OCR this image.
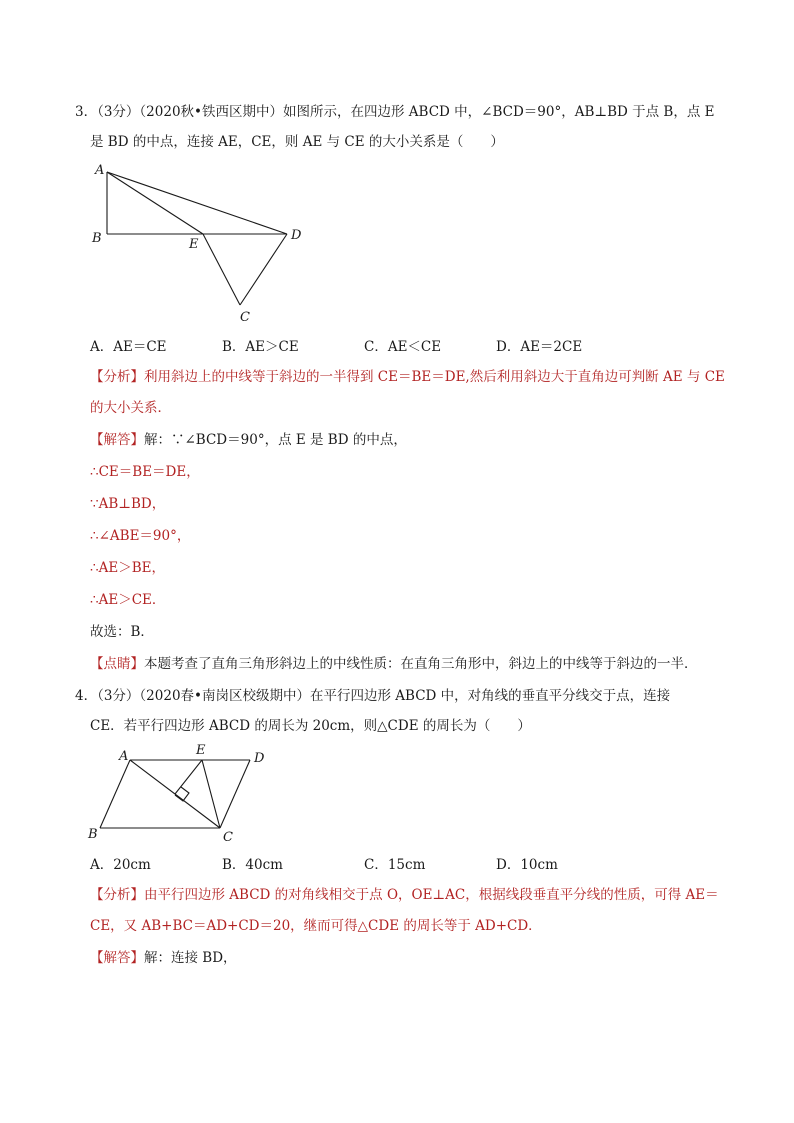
3．（3分）（2020秋•铁西区期中）如图所示，在四边形 ABCD 中，∠BCD＝90°，AB⊥BD 于点 B，点 E
是 BD 的中点，连接 AE，CE，则 AE 与 CE 的大小关系是（　　）
A
B	E
D
C
A．AE＝CE	B．AE＞CE	C．AE＜CE	D．AE＝2CE
【分析】利用斜边上的中线等于斜边的一半得到 CE＝BE＝DE,然后利用斜边大于直角边可判断 AE 与 CE
的大小关系．
【解答】解：∵∠BCD＝90°，点 E 是 BD 的中点，
∴CE＝BE＝DE，
∵AB⊥BD，
∴∠ABE＝90°，
∴AE＞BE，
∴AE＞CE．
故选：B．
【点睛】本题考查了直角三角形斜边上的中线性质：在直角三角形中，斜边上的中线等于斜边的一半．
4．（3分）（2020春•南岗区校级期中）在平行四边形 ABCD 中，对角线的垂直平分线交于点，连接
CE．若平行四边形 ABCD 的周长为 20cm，则△CDE 的周长为（　　）
A	E
D
B	C
A．20cm	B．40cm	C．15cm	D．10cm
【分析】由平行四边形 ABCD 的对角线相交于点 O，OE⊥AC，根据线段垂直平分线的性质，可得 AE＝
CE，又 AB+BC＝AD+CD＝20，继而可得△CDE 的周长等于 AD+CD．
【解答】解：连接 BD，
